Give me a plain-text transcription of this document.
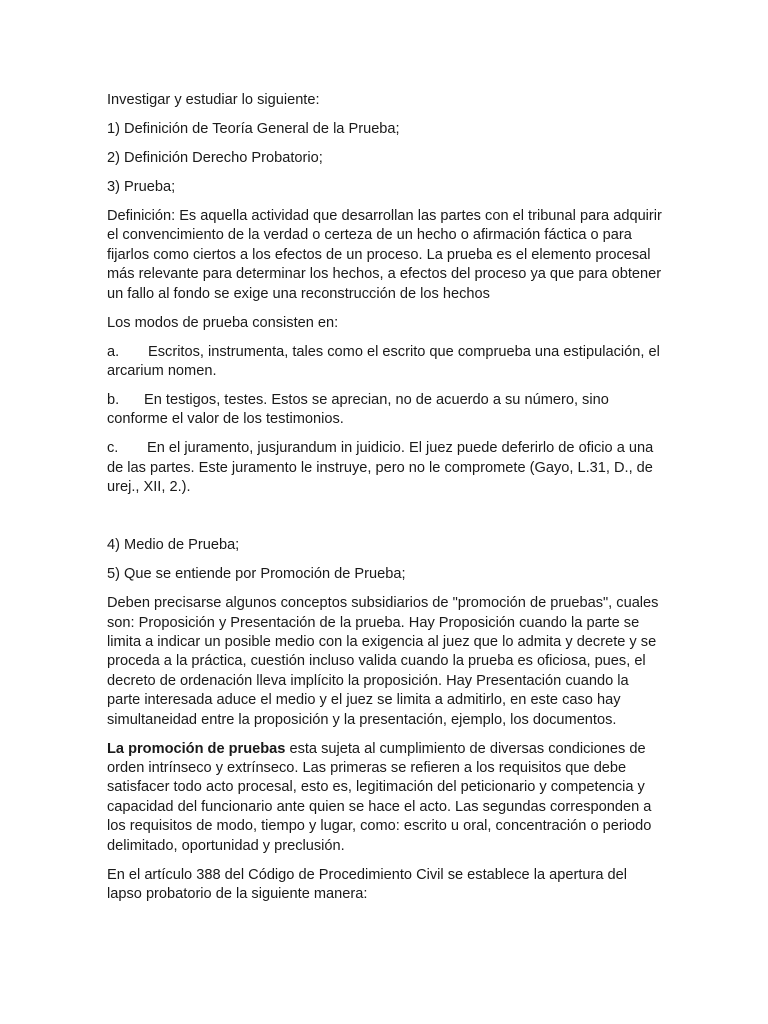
Investigar y estudiar lo siguiente:

1) Definición de Teoría General de la Prueba;

2) Definición Derecho Probatorio;

3) Prueba;

Definición: Es aquella actividad que desarrollan las partes con el tribunal para adquirir el convencimiento de la verdad o certeza de un hecho o afirmación fáctica o para fijarlos como ciertos a los efectos de un proceso. La prueba es el elemento procesal más relevante para determinar los hechos, a efectos del proceso ya que para obtener un fallo al fondo se exige una reconstrucción de los hechos

Los modos de prueba consisten en:

a. Escritos, instrumenta, tales como el escrito que comprueba una estipulación, el arcarium nomen.

b. En testigos, testes. Estos se aprecian, no de acuerdo a su número, sino conforme el valor de los testimonios.

c. En el juramento, jusjurandum in juidicio. El juez puede deferirlo de oficio a una de las partes. Este juramento le instruye, pero no le compromete (Gayo, L.31, D., de urej., XII, 2.).

4) Medio de Prueba;

5) Que se entiende por Promoción de Prueba;

Deben precisarse algunos conceptos subsidiarios de "promoción de pruebas", cuales son: Proposición y Presentación de la prueba. Hay Proposición cuando la parte se limita a indicar un posible medio con la exigencia al juez que lo admita y decrete y se proceda a la práctica, cuestión incluso valida cuando la prueba es oficiosa, pues, el decreto de ordenación lleva implícito la proposición. Hay Presentación cuando la parte interesada aduce el medio y el juez se limita a admitirlo, en este caso hay simultaneidad entre la proposición y la presentación, ejemplo, los documentos.

La promoción de pruebas esta sujeta al cumplimiento de diversas condiciones de orden intrínseco y extrínseco. Las primeras se refieren a los requisitos que debe satisfacer todo acto procesal, esto es, legitimación del peticionario y competencia y capacidad del funcionario ante quien se hace el acto. Las segundas corresponden a los requisitos de modo, tiempo y lugar, como: escrito u oral, concentración o periodo delimitado, oportunidad y preclusión.

En el artículo 388 del Código de Procedimiento Civil se establece la apertura del lapso probatorio de la siguiente manera:
